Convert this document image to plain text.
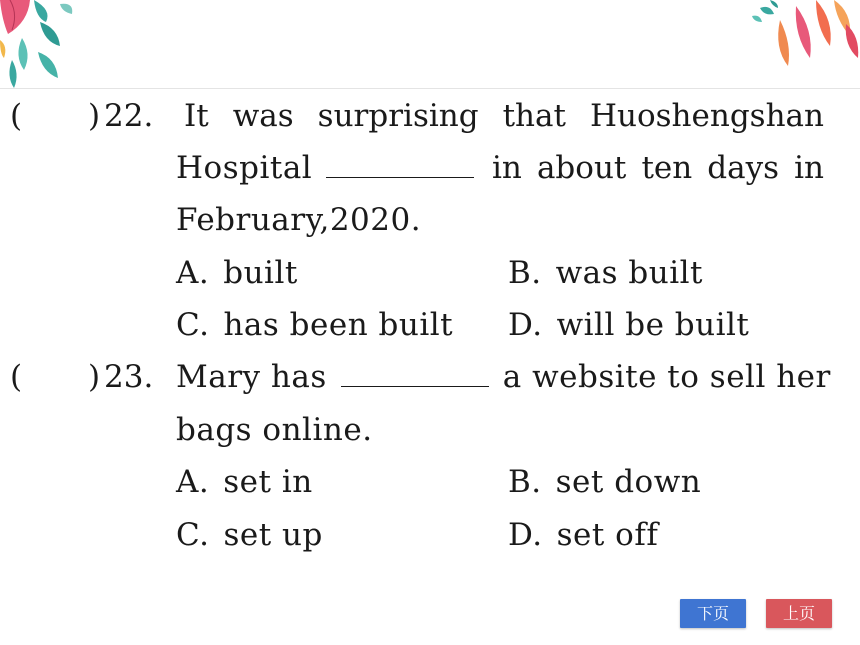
( ) 22. It was surprising that Huoshengshan
Hospital	in about ten days in
February,2020.
A. built	B. was built
C. has been built D. will be built
( ) 23. Mary has	a website to sell her
bags online.
A. set in	B. set down
C. set up	D. set off
下页	上页
